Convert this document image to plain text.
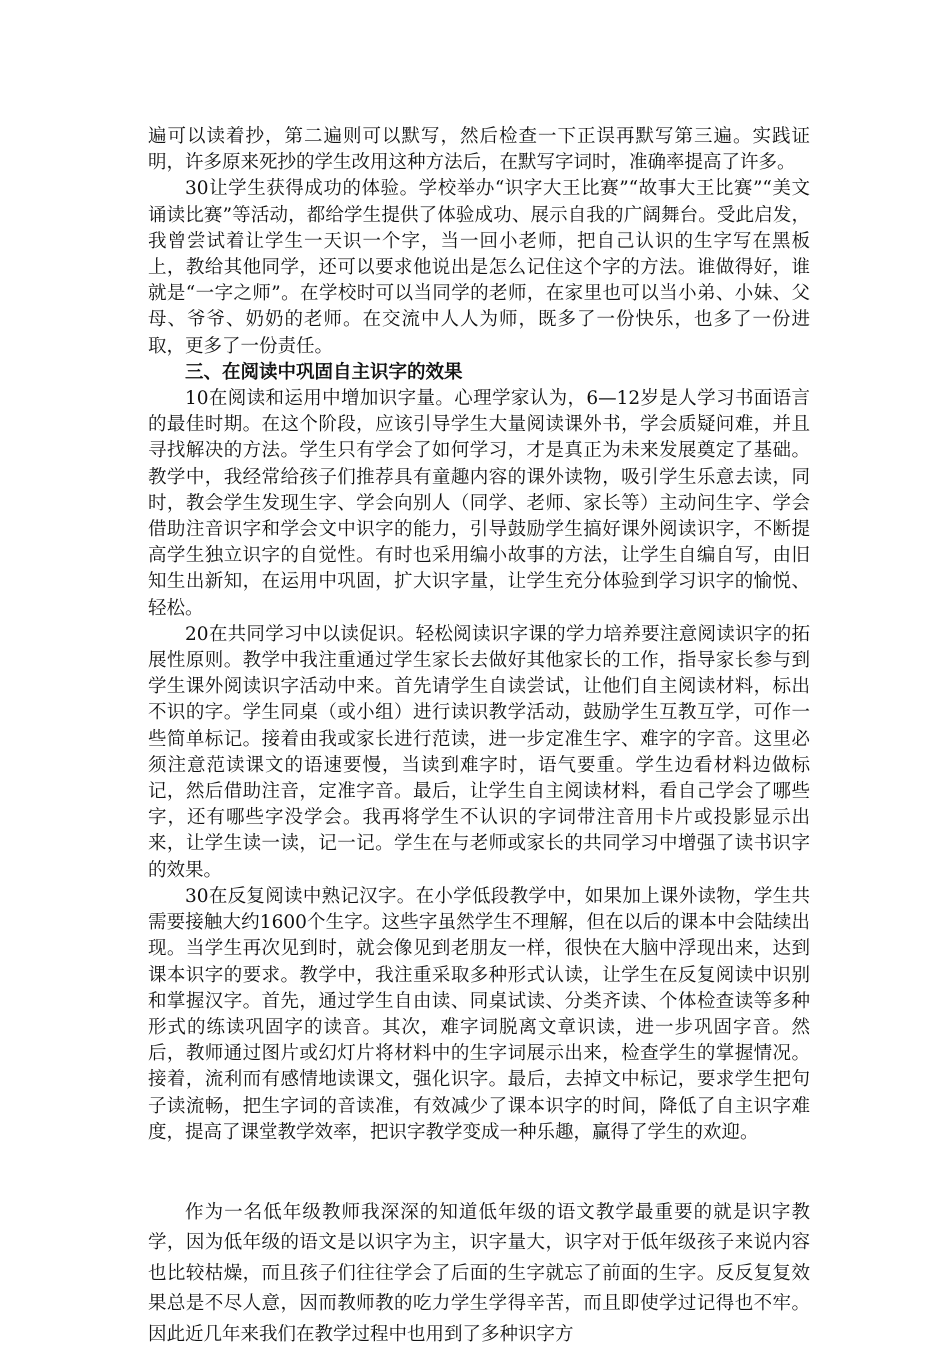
遍可以读着抄，第二遍则可以默写，然后检查一下正误再默写第三遍。实践证明，许多原来死抄的学生改用这种方法后，在默写字词时，准确率提高了许多。

30让学生获得成功的体验。学校举办“识字大王比赛”“故事大王比赛”“美文诵读比赛”等活动，都给学生提供了体验成功、展示自我的广阔舞台。受此启发，我曾尝试着让学生一天识一个字，当一回小老师，把自己认识的生字写在黑板上，教给其他同学，还可以要求他说出是怎么记住这个字的方法。谁做得好，谁就是“一字之师”。在学校时可以当同学的老师，在家里也可以当小弟、小妹、父母、爷爷、奶奶的老师。在交流中人人为师，既多了一份快乐，也多了一份进取，更多了一份责任。

三、在阅读中巩固自主识字的效果

10在阅读和运用中增加识字量。心理学家认为，6—12岁是人学习书面语言的最佳时期。在这个阶段，应该引导学生大量阅读课外书，学会质疑问难，并且寻找解决的方法。学生只有学会了如何学习，才是真正为未来发展奠定了基础。教学中，我经常给孩子们推荐具有童趣内容的课外读物，吸引学生乐意去读，同时，教会学生发现生字、学会向别人（同学、老师、家长等）主动问生字、学会借助注音识字和学会文中识字的能力，引导鼓励学生搞好课外阅读识字，不断提高学生独立识字的自觉性。有时也采用编小故事的方法，让学生自编自写，由旧知生出新知，在运用中巩固，扩大识字量，让学生充分体验到学习识字的愉悦、轻松。

20在共同学习中以读促识。轻松阅读识字课的学力培养要注意阅读识字的拓展性原则。教学中我注重通过学生家长去做好其他家长的工作，指导家长参与到学生课外阅读识字活动中来。首先请学生自读尝试，让他们自主阅读材料，标出不识的字。学生同桌（或小组）进行读识教学活动，鼓励学生互教互学，可作一些简单标记。接着由我或家长进行范读，进一步定准生字、难字的字音。这里必须注意范读课文的语速要慢，当读到难字时，语气要重。学生边看材料边做标记，然后借助注音，定准字音。最后，让学生自主阅读材料，看自己学会了哪些字，还有哪些字没学会。我再将学生不认识的字词带注音用卡片或投影显示出来，让学生读一读，记一记。学生在与老师或家长的共同学习中增强了读书识字的效果。

30在反复阅读中熟记汉字。在小学低段教学中，如果加上课外读物，学生共需要接触大约1600个生字。这些字虽然学生不理解，但在以后的课本中会陆续出现。当学生再次见到时，就会像见到老朋友一样，很快在大脑中浮现出来，达到课本识字的要求。教学中，我注重采取多种形式认读，让学生在反复阅读中识别和掌握汉字。首先，通过学生自由读、同桌试读、分类齐读、个体检查读等多种形式的练读巩固字的读音。其次，难字词脱离文章识读，进一步巩固字音。然后，教师通过图片或幻灯片将材料中的生字词展示出来，检查学生的掌握情况。接着，流利而有感情地读课文，强化识字。最后，去掉文中标记，要求学生把句子读流畅，把生字词的音读准，有效减少了课本识字的时间，降低了自主识字难度，提高了课堂教学效率，把识字教学变成一种乐趣，赢得了学生的欢迎。

作为一名低年级教师我深深的知道低年级的语文教学最重要的就是识字教学，因为低年级的语文是以识字为主，识字量大，识字对于低年级孩子来说内容也比较枯燥，而且孩子们往往学会了后面的生字就忘了前面的生字。反反复复效果总是不尽人意，因而教师教的吃力学生学得辛苦，而且即使学过记得也不牢。因此近几年来我们在教学过程中也用到了多种识字方
